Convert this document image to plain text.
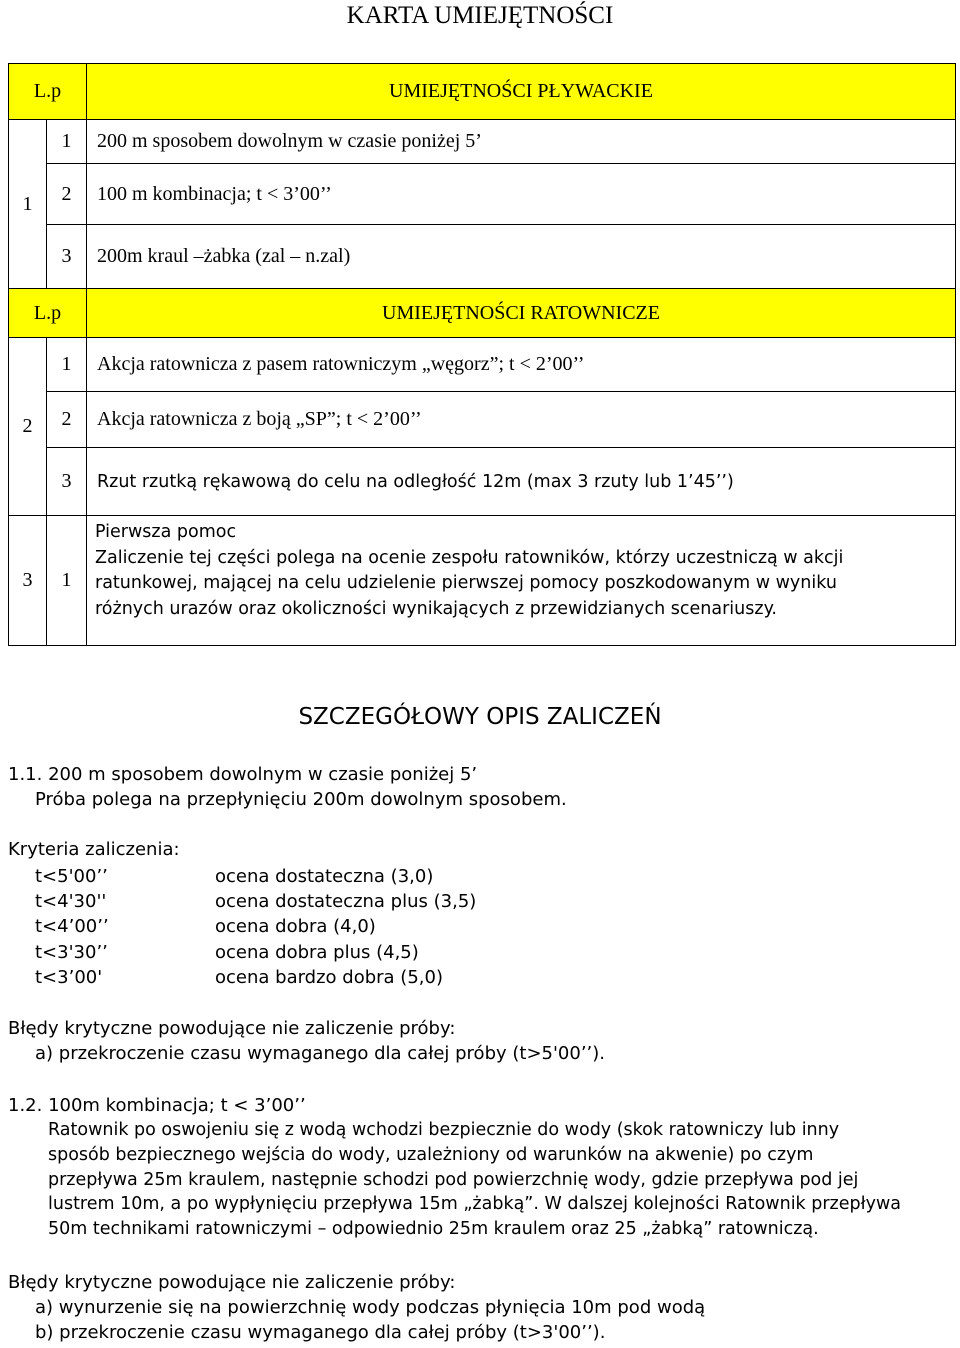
KARTA UMIEJĘTNOŚCI
L.p	UMIEJĘTNOŚCI PŁYWACKIE
1
1	200 m sposobem dowolnym w czasie poniżej 5’
2	100 m kombinacja; t < 3’00’’
3	200m kraul –żabka (zal – n.zal)
L.p	UMIEJĘTNOŚCI RATOWNICZE
2
1	Akcja ratownicza z pasem ratowniczym „węgorz”; t < 2’00’’
2	Akcja ratownicza z boją „SP”; t < 2’00’’
3	Rzut rzutką rękawową do celu na odległość 12m (max 3 rzuty lub 1’45’’)
3	1
Pierwsza pomoc
Zaliczenie tej części polega na ocenie zespołu ratowników, którzy uczestniczą w akcji
ratunkowej, mającej na celu udzielenie pierwszej pomocy poszkodowanym w wyniku
różnych urazów oraz okoliczności wynikających z przewidzianych scenariuszy.
SZCZEGÓŁOWY OPIS ZALICZEŃ
1.1. 200 m sposobem dowolnym w czasie poniżej 5’
Próba polega na przepłynięciu 200m dowolnym sposobem.
Kryteria zaliczenia:
t<5'00’’	ocena dostateczna (3,0)
t<4'30''	ocena dostateczna plus (3,5)
t<4’00’’	ocena dobra (4,0)
t<3'30’’	ocena dobra plus (4,5)
t<3’00'	ocena bardzo dobra (5,0)
Błędy krytyczne powodujące nie zaliczenie próby:
a) przekroczenie czasu wymaganego dla całej próby (t>5'00’’).
1.2. 100m kombinacja; t < 3’00’’
Ratownik po oswojeniu się z wodą wchodzi bezpiecznie do wody (skok ratowniczy lub inny
sposób bezpiecznego wejścia do wody, uzależniony od warunków na akwenie) po czym
przepływa 25m kraulem, następnie schodzi pod powierzchnię wody, gdzie przepływa pod jej
lustrem 10m, a po wypłynięciu przepływa 15m „żabką”. W dalszej kolejności Ratownik przepływa
50m technikami ratowniczymi – odpowiednio 25m kraulem oraz 25 „żabką” ratowniczą.
Błędy krytyczne powodujące nie zaliczenie próby:
a) wynurzenie się na powierzchnię wody podczas płynięcia 10m pod wodą
b) przekroczenie czasu wymaganego dla całej próby (t>3'00’’).
